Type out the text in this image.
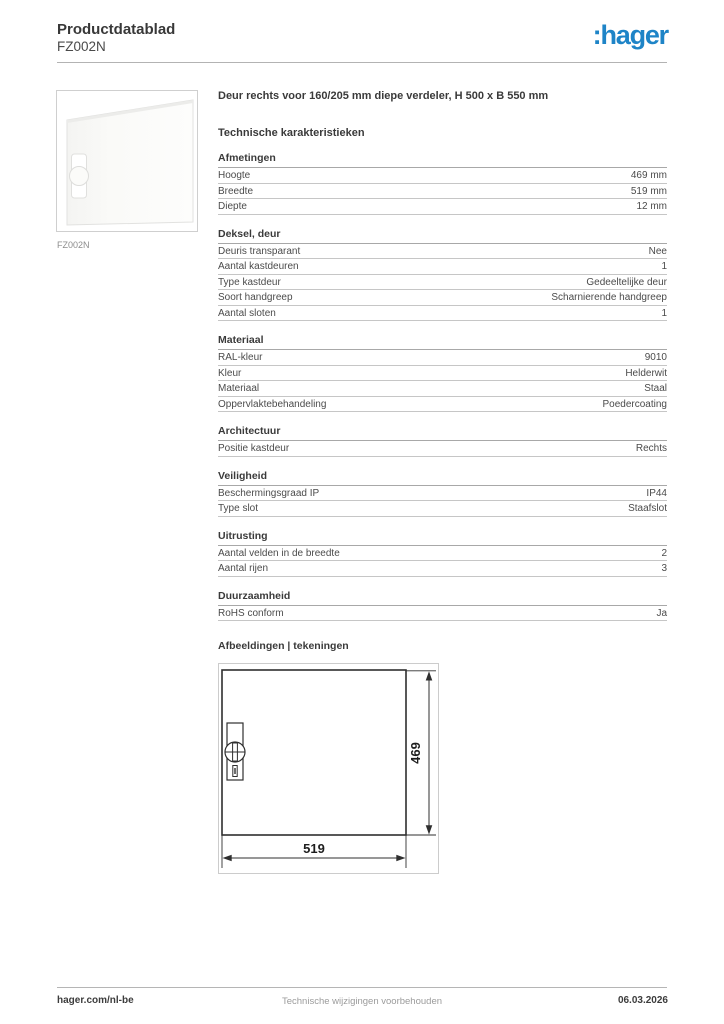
Productdatablad
FZ002N	:hager
FZ002N
Deur rechts voor 160/205 mm diepe verdeler, H 500 x B 550 mm
Technische karakteristieken
Afmetingen
Hoogte	469 mm
Breedte	519 mm
Diepte	12 mm
Deksel, deur
Deuris transparant	Nee
Aantal kastdeuren	1
Type kastdeur	Gedeeltelijke deur
Soort handgreep	Scharnierende handgreep
Aantal sloten	1
Materiaal
RAL-kleur	9010
Kleur	Helderwit
Materiaal	Staal
Oppervlaktebehandeling	Poedercoating
Architectuur
Positie kastdeur	Rechts
Veiligheid
Beschermingsgraad IP	IP44
Type slot	Staafslot
Uitrusting
Aantal velden in de breedte	2
Aantal rijen	3
Duurzaamheid
RoHS conform	Ja
Afbeeldingen | tekeningen
469
519
hager.com/nl-be	Technische wijzigingen voorbehouden	06.03.2026
